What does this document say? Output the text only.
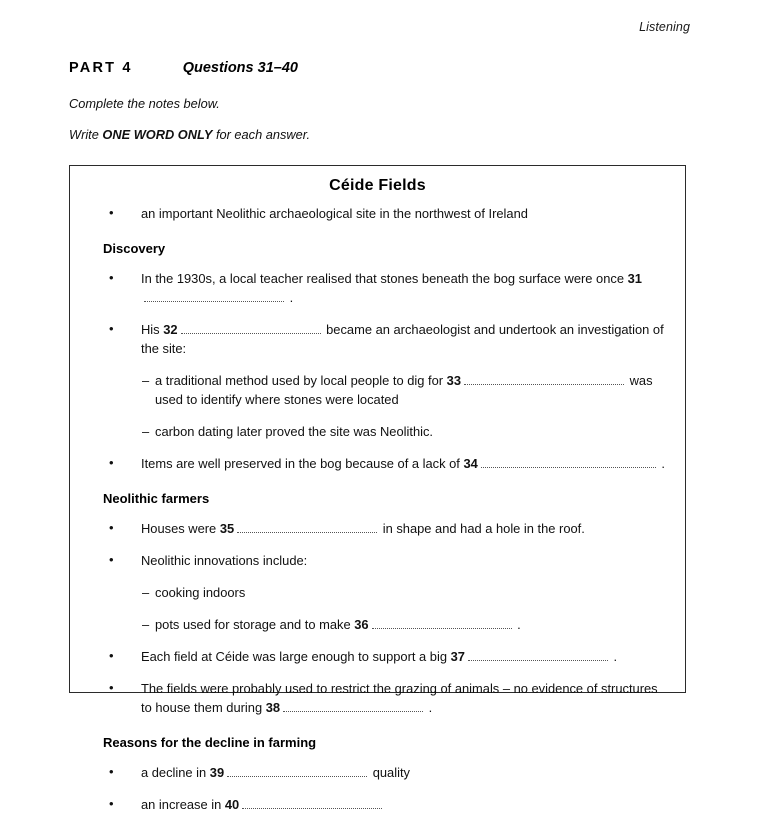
Listening
PART 4	Questions 31–40
Complete the notes below.
Write ONE WORD ONLY for each answer.
Céide Fields
• an important Neolithic archaeological site in the northwest of Ireland
Discovery
• In the 1930s, a local teacher realised that stones beneath the bog surface were once 31 .
• His 32	became an archaeologist and undertook an investigation of the site:
– a traditional method used by local people to dig for 33	was used to identify where stones were located
– carbon dating later proved the site was Neolithic.
• Items are well preserved in the bog because of a lack of 34	.
Neolithic farmers
• Houses were 35	in shape and had a hole in the roof.
• Neolithic innovations include:
– cooking indoors
– pots used for storage and to make 36	.
• Each field at Céide was large enough to support a big 37	.
• The fields were probably used to restrict the grazing of animals – no evidence of structures to house them during 38	.
Reasons for the decline in farming
• a decline in 39	quality
• an increase in 40
